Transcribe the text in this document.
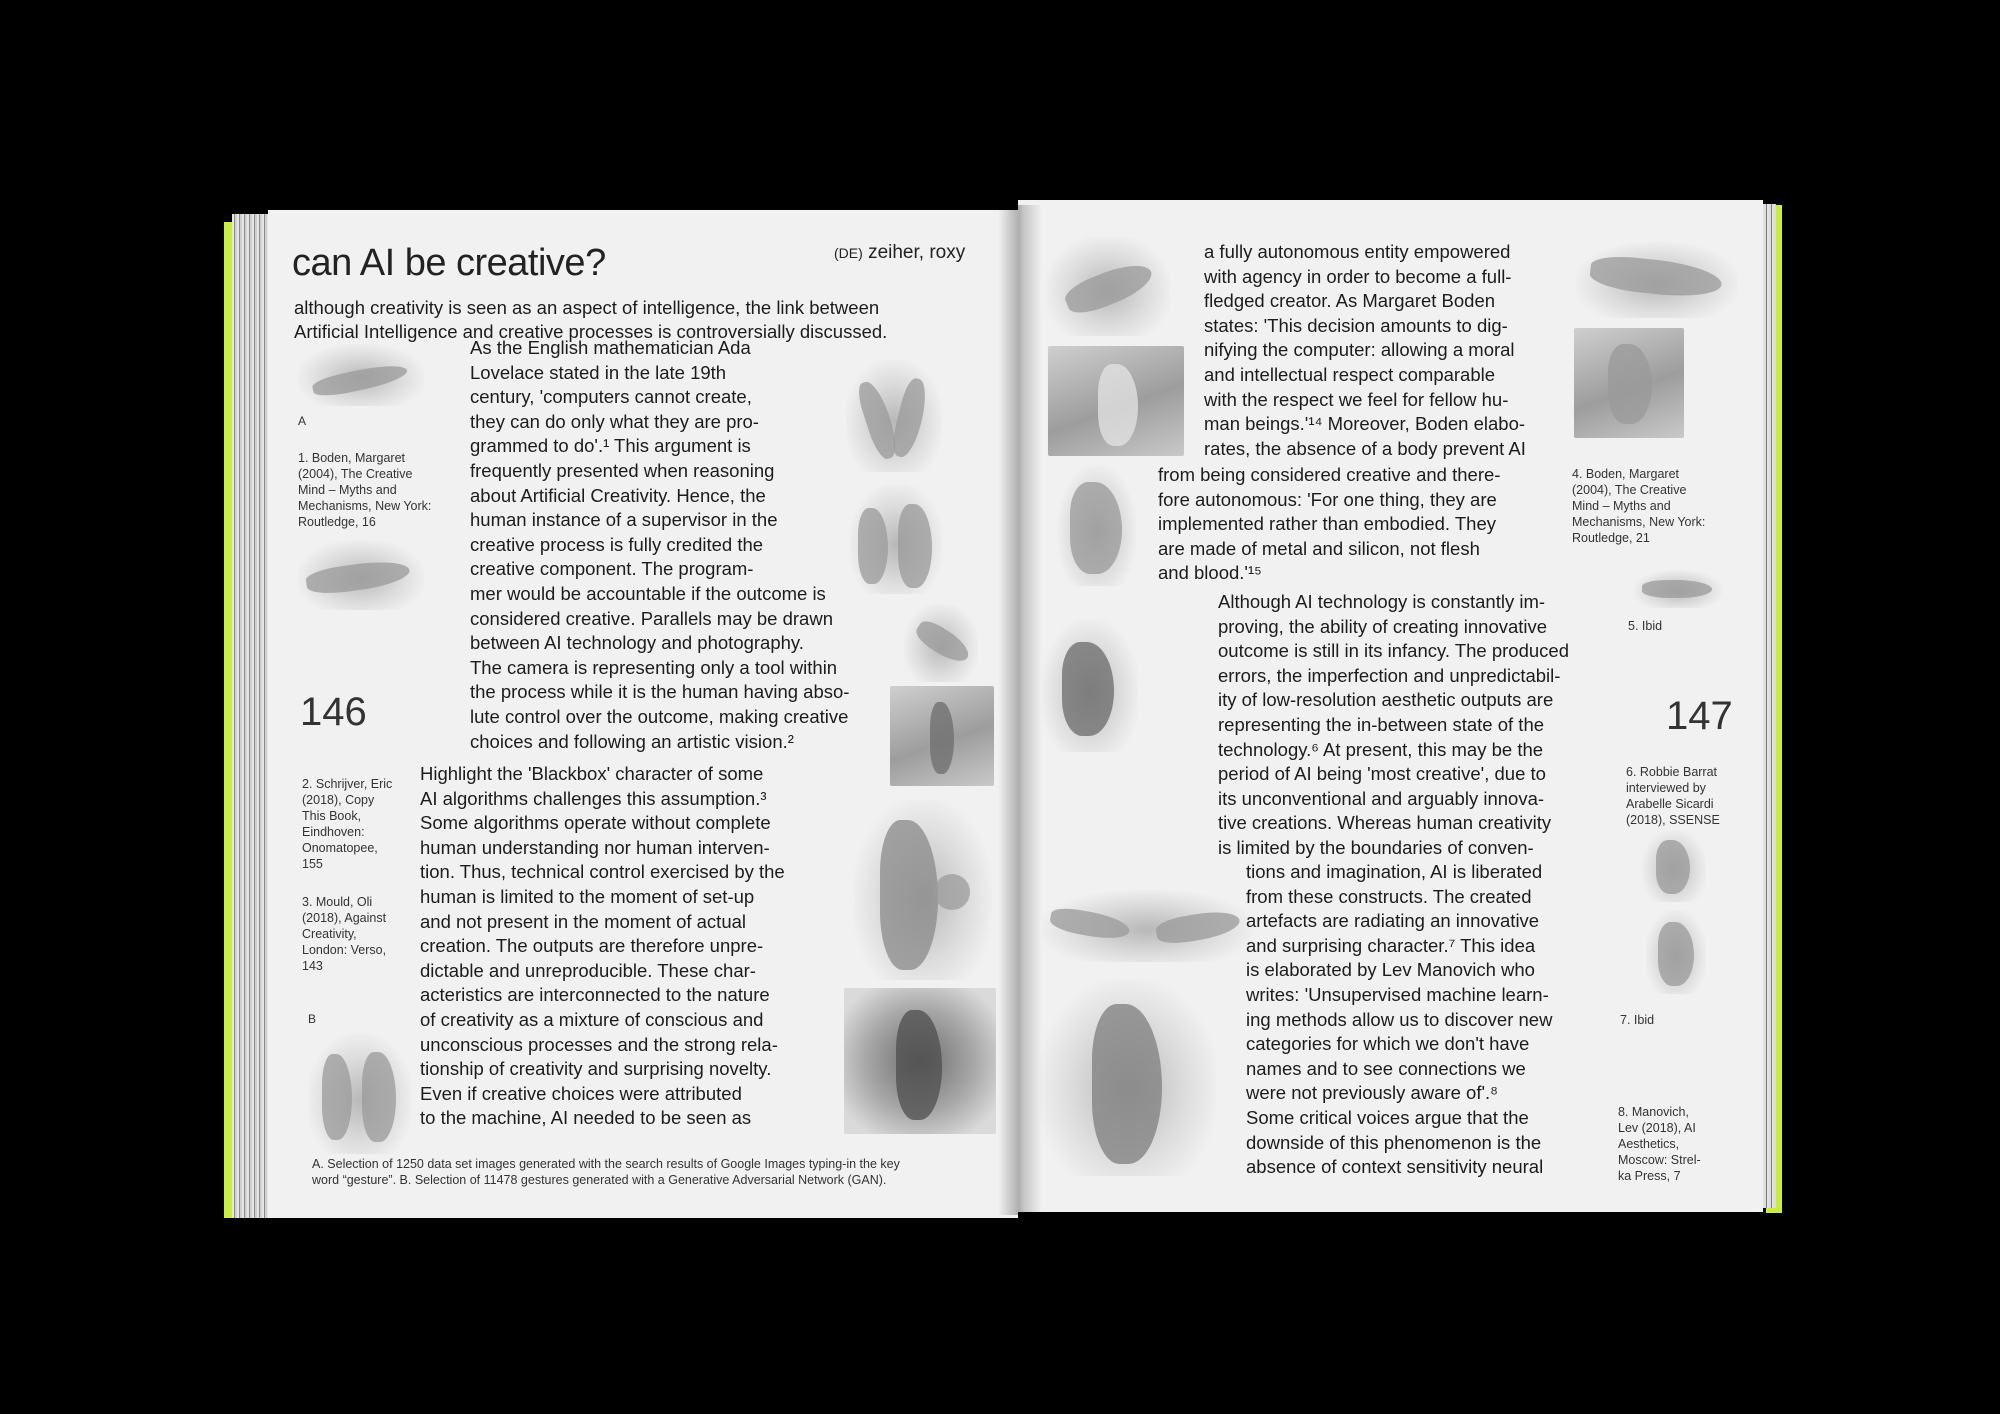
can AI be creative?	(DE) zeiher, roxy
although creativity is seen as an aspect of intelligence, the link between
Artificial Intelligence and creative processes is controversially discussed.
A
1. Boden, Margaret
(2004), The Creative
Mind – Myths and
Mechanisms, New York:
Routledge, 16
146
2. Schrijver, Eric
(2018), Copy
This Book,
Eindhoven:
Onomatopee,
155
3. Mould, Oli
(2018), Against
Creativity,
London: Verso,
143
B
As the English mathematician Ada
Lovelace stated in the late 19th
century, 'computers cannot create,
they can do only what they are pro-
grammed to do'.¹ This argument is
frequently presented when reasoning
about Artificial Creativity. Hence, the
human instance of a supervisor in the
creative process is fully credited the
creative component. The program-
mer would be accountable if the outcome is
considered creative. Parallels may be drawn
between AI technology and photography.
The camera is representing only a tool within
the process while it is the human having abso-
lute control over the outcome, making creative
choices and following an artistic vision.²
Highlight the 'Blackbox' character of some
AI algorithms challenges this assumption.³
Some algorithms operate without complete
human understanding nor human interven-
tion. Thus, technical control exercised by the
human is limited to the moment of set-up
and not present in the moment of actual
creation. The outputs are therefore unpre-
dictable and unreproducible. These char-
acteristics are interconnected to the nature
of creativity as a mixture of conscious and
unconscious processes and the strong rela-
tionship of creativity and surprising novelty.
Even if creative choices were attributed
to the machine, AI needed to be seen as
A. Selection of 1250 data set images generated with the search results of Google Images typing-in the key
word “gesture”. B. Selection of 11478 gestures generated with a Generative Adversarial Network (GAN).
a fully autonomous entity empowered
with agency in order to become a full-
fledged creator. As Margaret Boden
states: 'This decision amounts to dig-
nifying the computer: allowing a moral
and intellectual respect comparable
with the respect we feel for fellow hu-
man beings.'¹⁴ Moreover, Boden elabo-
rates, the absence of a body prevent AI
from being considered creative and there-
fore autonomous: 'For one thing, they are
implemented rather than embodied. They
are made of metal and silicon, not flesh
and blood.'¹⁵
Although AI technology is constantly im-
proving, the ability of creating innovative
outcome is still in its infancy. The produced
errors, the imperfection and unpredictabil-
ity of low-resolution aesthetic outputs are
representing the in-between state of the
technology.⁶ At present, this may be the
period of AI being 'most creative', due to
its unconventional and arguably innova-
tive creations. Whereas human creativity
is limited by the boundaries of conven-
tions and imagination, AI is liberated
from these constructs. The created
artefacts are radiating an innovative
and surprising character.⁷ This idea
is elaborated by Lev Manovich who
writes: 'Unsupervised machine learn-
ing methods allow us to discover new
categories for which we don't have
names and to see connections we
were not previously aware of'.⁸
Some critical voices argue that the
downside of this phenomenon is the
absence of context sensitivity neural
4. Boden, Margaret
(2004), The Creative
Mind – Myths and
Mechanisms, New York:
Routledge, 21
5. Ibid
147
6. Robbie Barrat
interviewed by
Arabelle Sicardi
(2018), SSENSE
7. Ibid
8. Manovich,
Lev (2018), AI
Aesthetics,
Moscow: Strel-
ka Press, 7
